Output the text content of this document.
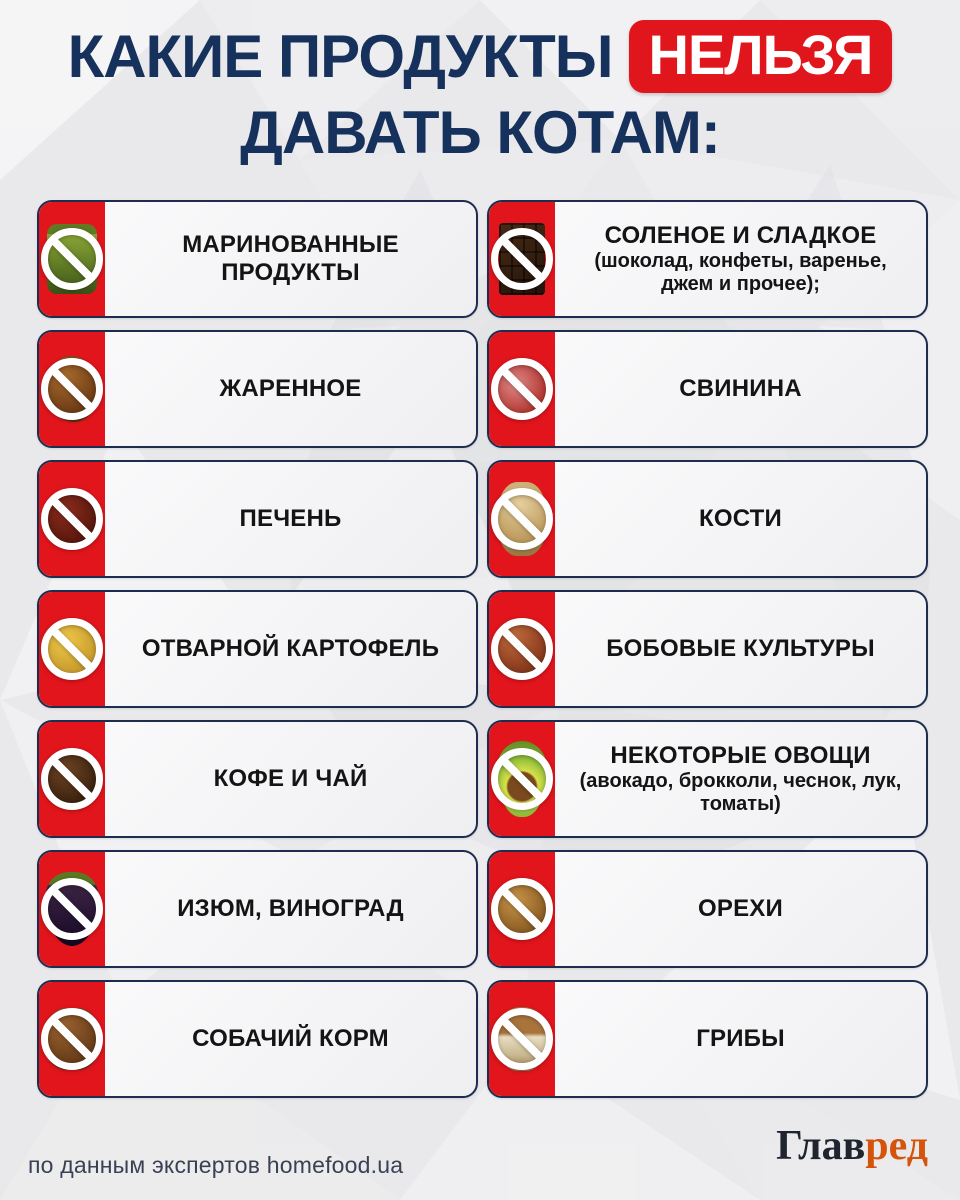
КАКИЕ ПРОДУКТЫ НЕЛЬЗЯ
ДАВАТЬ КОТАМ:
МАРИНОВАННЫЕ ПРОДУКТЫ
СОЛЕНОЕ И СЛАДКОЕ
(шоколад, конфеты, варенье, джем и прочее);
ЖАРЕННОЕ	СВИНИНА
ПЕЧЕНЬ	КОСТИ
ОТВАРНОЙ КАРТОФЕЛЬ	БОБОВЫЕ КУЛЬТУРЫ
КОФЕ И ЧАЙ
НЕКОТОРЫЕ ОВОЩИ
(авокадо, брокколи, чеснок, лук, томаты)
ИЗЮМ, ВИНОГРАД	ОРЕХИ
СОБАЧИЙ КОРМ	ГРИБЫ
по данным экспертов homefood.ua	Главред
